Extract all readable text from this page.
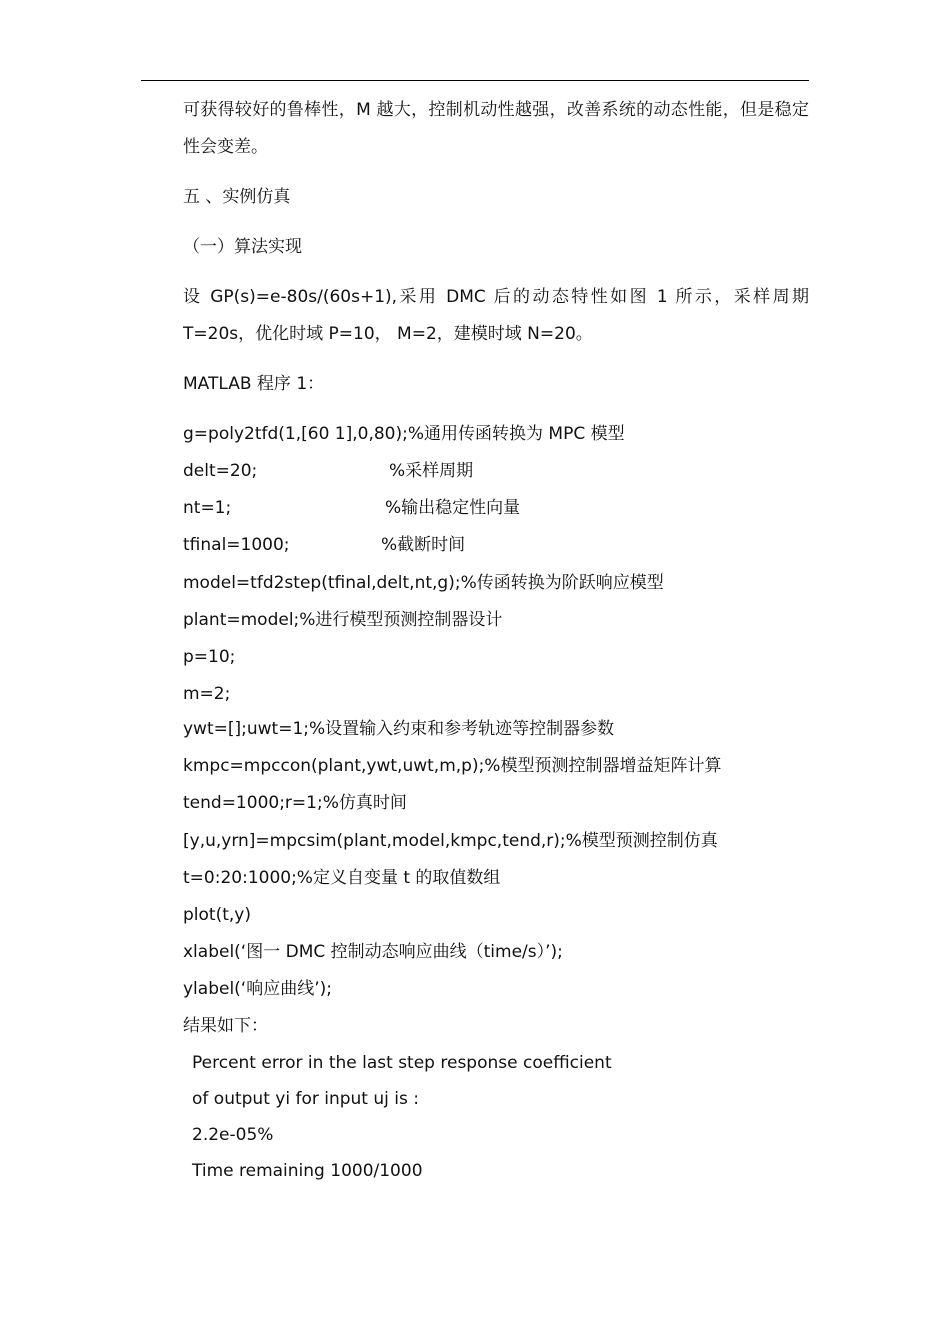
可获得较好的鲁棒性，M 越大，控制机动性越强，改善系统的动态性能，但是稳定性会变差。
五 、实例仿真
（一）算法实现
设 GP(s)=e-80s/(60s+1),采用 DMC 后的动态特性如图 1 所示，采样周期 T=20s，优化时域 P=10， M=2，建模时域 N=20。
MATLAB 程序 1：
g=poly2tfd(1,[60 1],0,80);%通用传函转换为 MPC 模型
delt=20;	%采样周期
nt=1;	%输出稳定性向量
tfinal=1000;	%截断时间
model=tfd2step(tfinal,delt,nt,g);%传函转换为阶跃响应模型
plant=model;%进行模型预测控制器设计
p=10;
m=2;
ywt=[];uwt=1;%设置输入约束和参考轨迹等控制器参数
kmpc=mpccon(plant,ywt,uwt,m,p);%模型预测控制器增益矩阵计算
tend=1000;r=1;%仿真时间
[y,u,yrn]=mpcsim(plant,model,kmpc,tend,r);%模型预测控制仿真
t=0:20:1000;%定义自变量 t 的取值数组
plot(t,y)
xlabel(‘图一 DMC 控制动态响应曲线（time/s）’);
ylabel(‘响应曲线’);
结果如下：
Percent error in the last step response coefficient
of output yi for input uj is :
2.2e-05%
Time remaining 1000/1000
